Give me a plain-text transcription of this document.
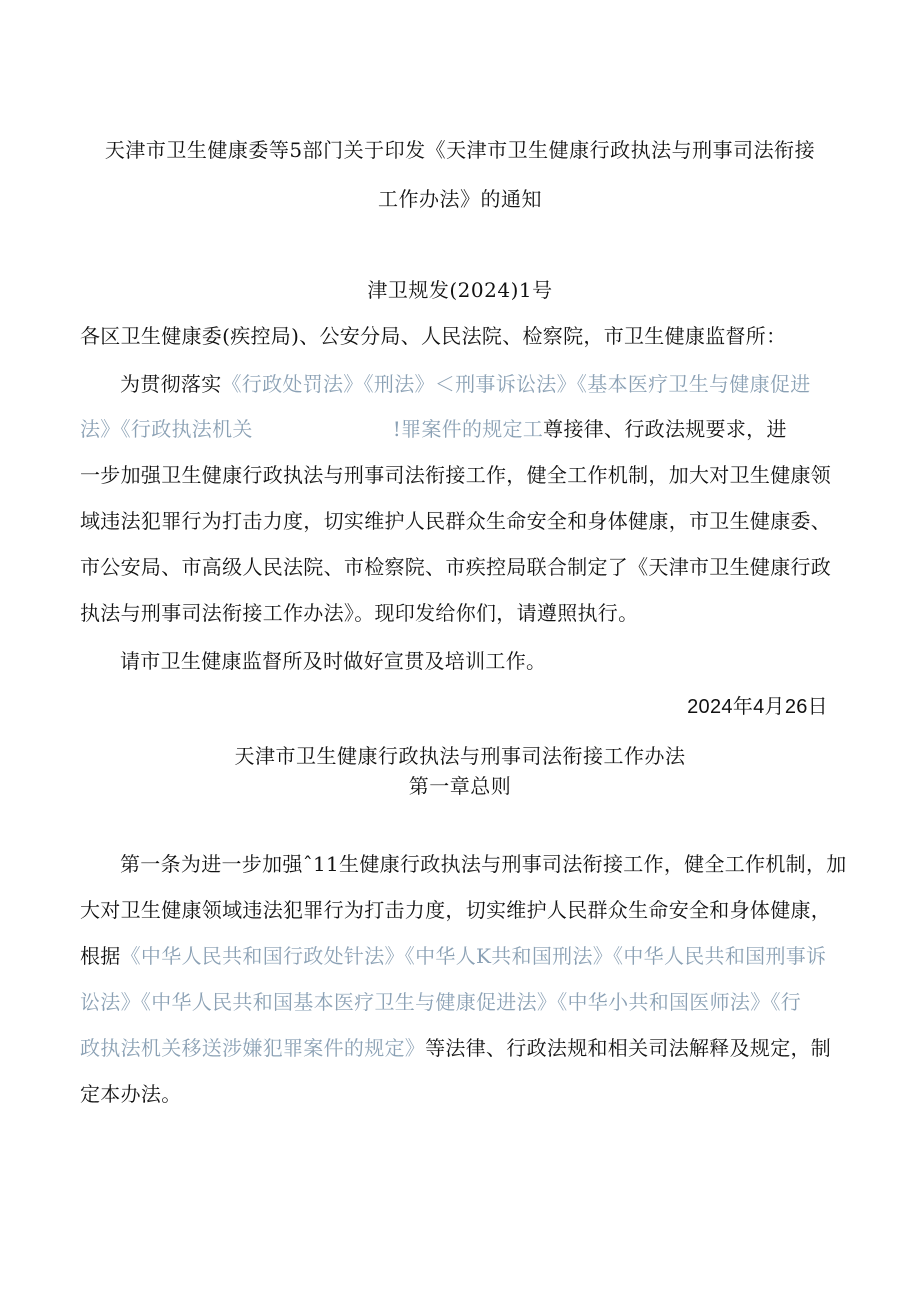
天津市卫生健康委等5部门关于印发《天津市卫生健康行政执法与刑事司法衔接
工作办法》的通知
津卫规发(2024)1号
各区卫生健康委(疾控局)、公安分局、人民法院、检察院，市卫生健康监督所：
为贯彻落实《行政处罚法》《刑法》＜刑事诉讼法》《基本医疗卫生与健康促进
法》《行政执法机关	!罪案件的规定工尊接律、行政法规要求，进
一步加强卫生健康行政执法与刑事司法衔接工作，健全工作机制，加大对卫生健康领
域违法犯罪行为打击力度，切实维护人民群众生命安全和身体健康，市卫生健康委、
市公安局、市高级人民法院、市检察院、市疾控局联合制定了《天津市卫生健康行政
执法与刑事司法衔接工作办法》。现印发给你们，请遵照执行。
请市卫生健康监督所及时做好宣贯及培训工作。
2024年4月26日
天津市卫生健康行政执法与刑事司法衔接工作办法
第一章总则
第一条为进一步加强ˆ11生健康行政执法与刑事司法衔接工作，健全工作机制，加
大对卫生健康领域违法犯罪行为打击力度，切实维护人民群众生命安全和身体健康，
根据《中华人民共和国行政处针法》《中华人K共和国刑法》《中华人民共和国刑事诉
讼法》《中华人民共和国基本医疗卫生与健康促进法》《中华小共和国医师法》《行
政执法机关移送涉嫌犯罪案件的规定》等法律、行政法规和相关司法解释及规定，制
定本办法。
